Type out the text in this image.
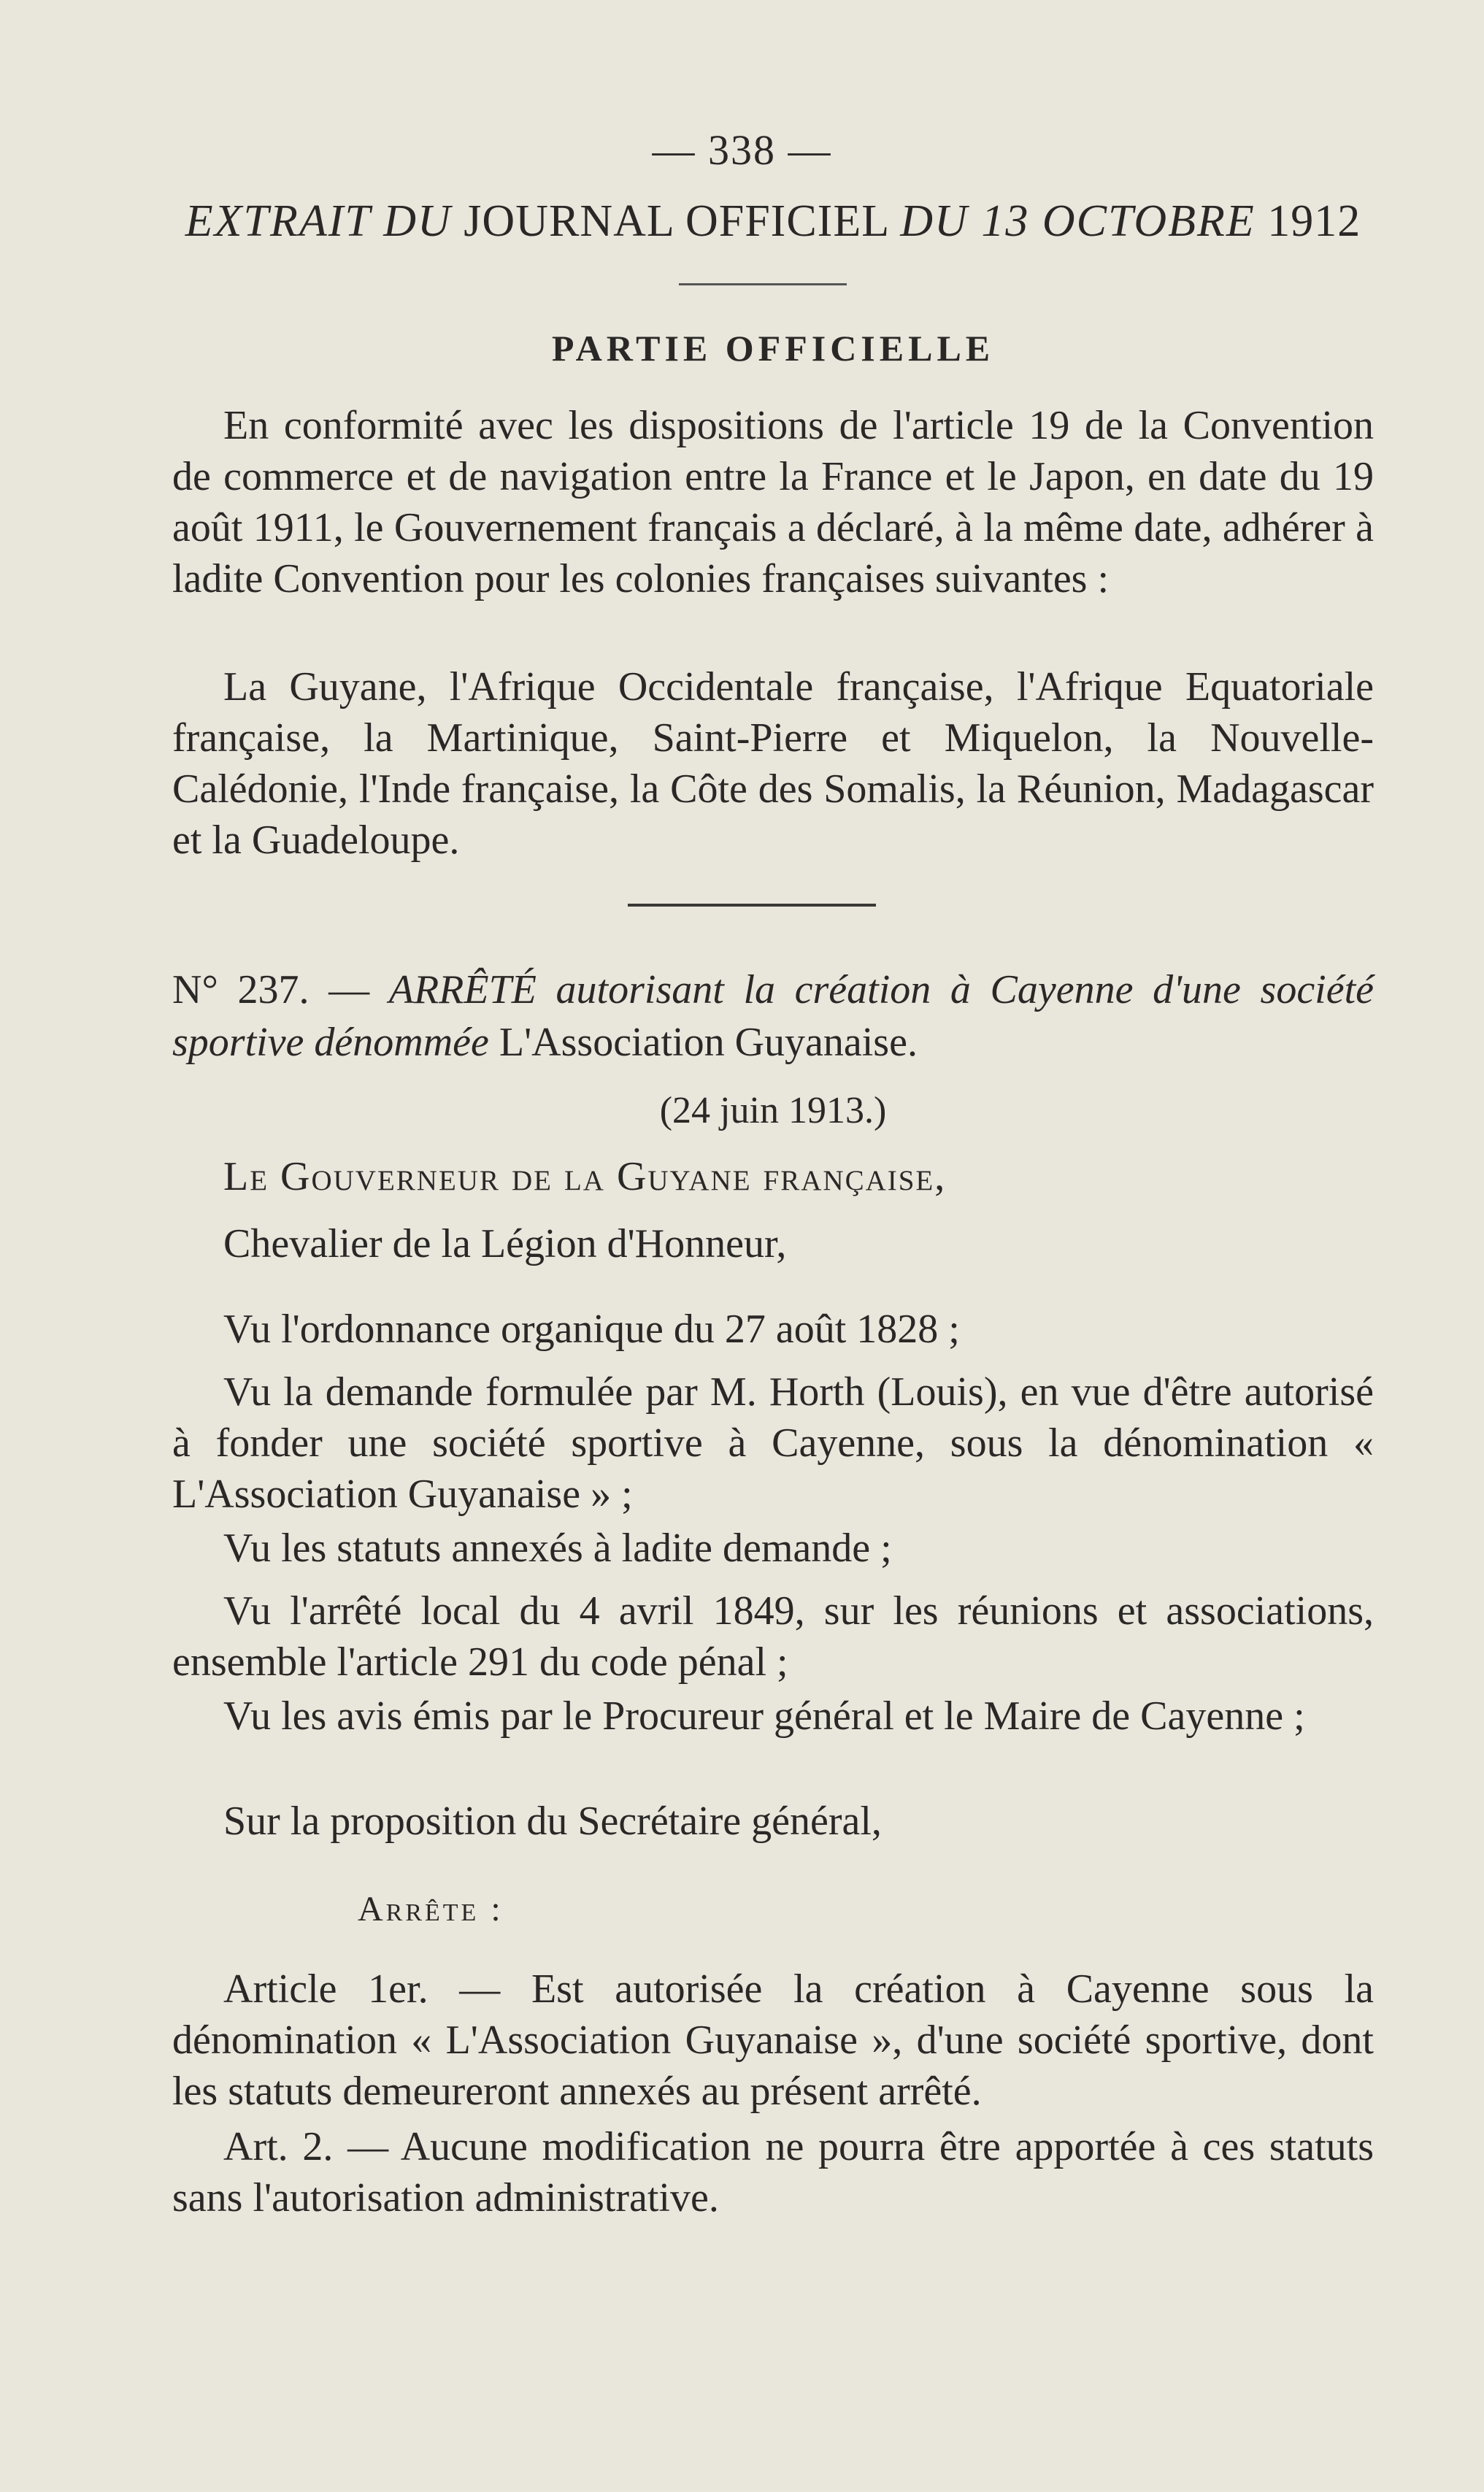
— 338 —
EXTRAIT DU JOURNAL OFFICIEL DU 13 OCTOBRE 1912
PARTIE OFFICIELLE

En conformité avec les dispositions de l'article 19 de la Convention de commerce et de navigation entre la France et le Japon, en date du 19 août 1911, le Gouvernement français a déclaré, à la même date, adhérer à ladite Convention pour les colonies françaises suivantes :

La Guyane, l'Afrique Occidentale française, l'Afrique Equatoriale française, la Martinique, Saint-Pierre et Miquelon, la Nouvelle-Calédonie, l'Inde française, la Côte des Somalis, la Réunion, Madagascar et la Guadeloupe.

N° 237. — ARRÊTÉ autorisant la création à Cayenne d'une société sportive dénommée L'Association Guyanaise.
(24 juin 1913.)
Le Gouverneur de la Guyane française,
Chevalier de la Légion d'Honneur,

Vu l'ordonnance organique du 27 août 1828 ;

Vu la demande formulée par M. Horth (Louis), en vue d'être autorisé à fonder une société sportive à Cayenne, sous la dénomination « L'Association Guyanaise » ;

Vu les statuts annexés à ladite demande ;

Vu l'arrêté local du 4 avril 1849, sur les réunions et associations, ensemble l'article 291 du code pénal ;

Vu les avis émis par le Procureur général et le Maire de Cayenne ;

Sur la proposition du Secrétaire général,

Arrête :

Article 1er. — Est autorisée la création à Cayenne sous la dénomination « L'Association Guyanaise », d'une société sportive, dont les statuts demeureront annexés au présent arrêté.

Art. 2. — Aucune modification ne pourra être apportée à ces statuts sans l'autorisation administrative.
